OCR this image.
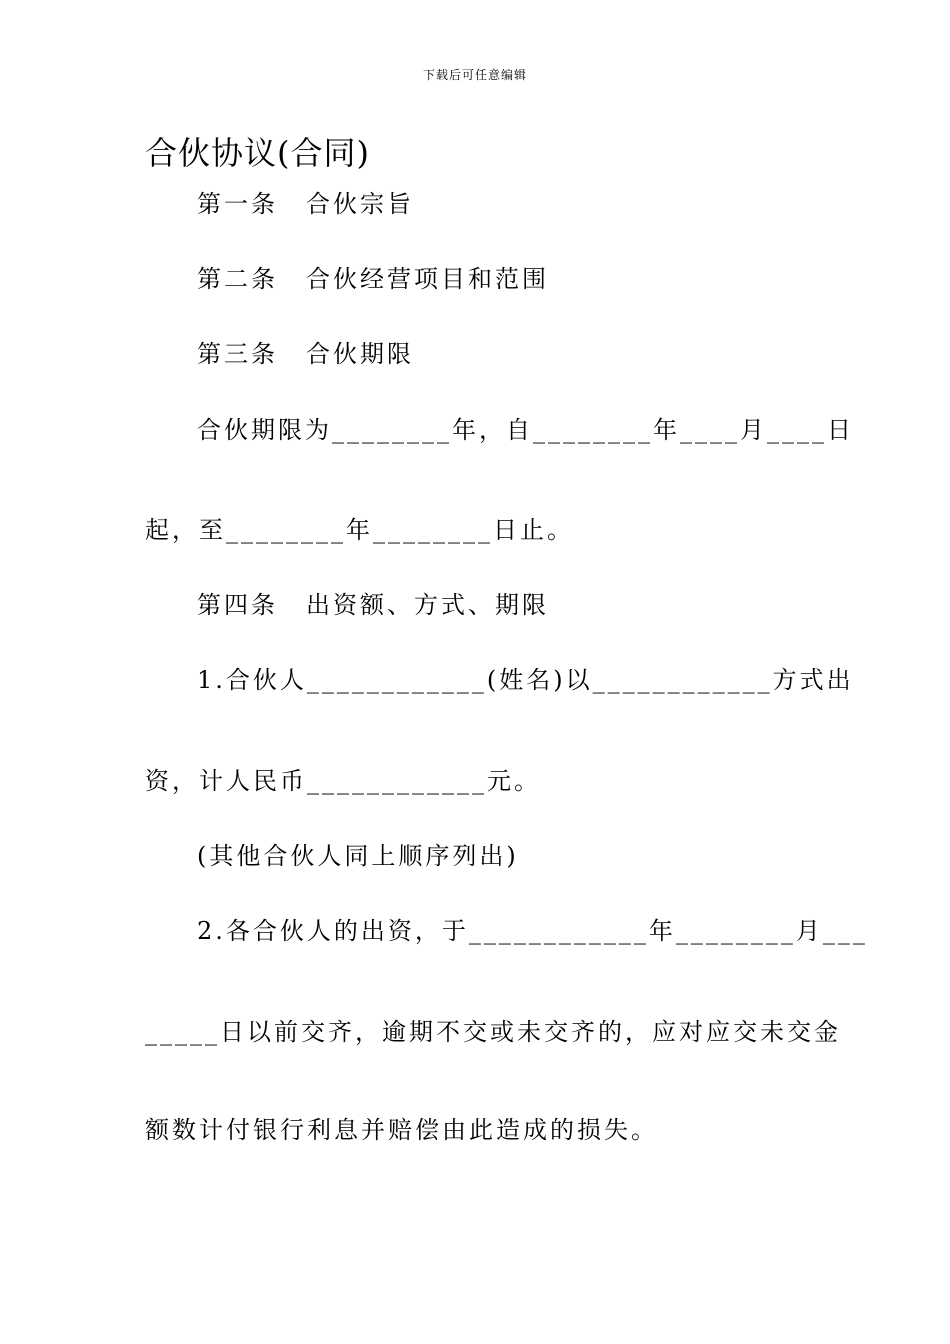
下载后可任意编辑
合伙协议(合同)
第一条 合伙宗旨
第二条 合伙经营项目和范围
第三条 合伙期限
合伙期限为________年，自________年____月____日
起，至________年________日止。
第四条 出资额、方式、期限
1.合伙人____________(姓名)以____________方式出
资，计人民币____________元。
(其他合伙人同上顺序列出)
2.各合伙人的出资，于____________年________月___
_____日以前交齐，逾期不交或未交齐的，应对应交未交金
额数计付银行利息并赔偿由此造成的损失。
